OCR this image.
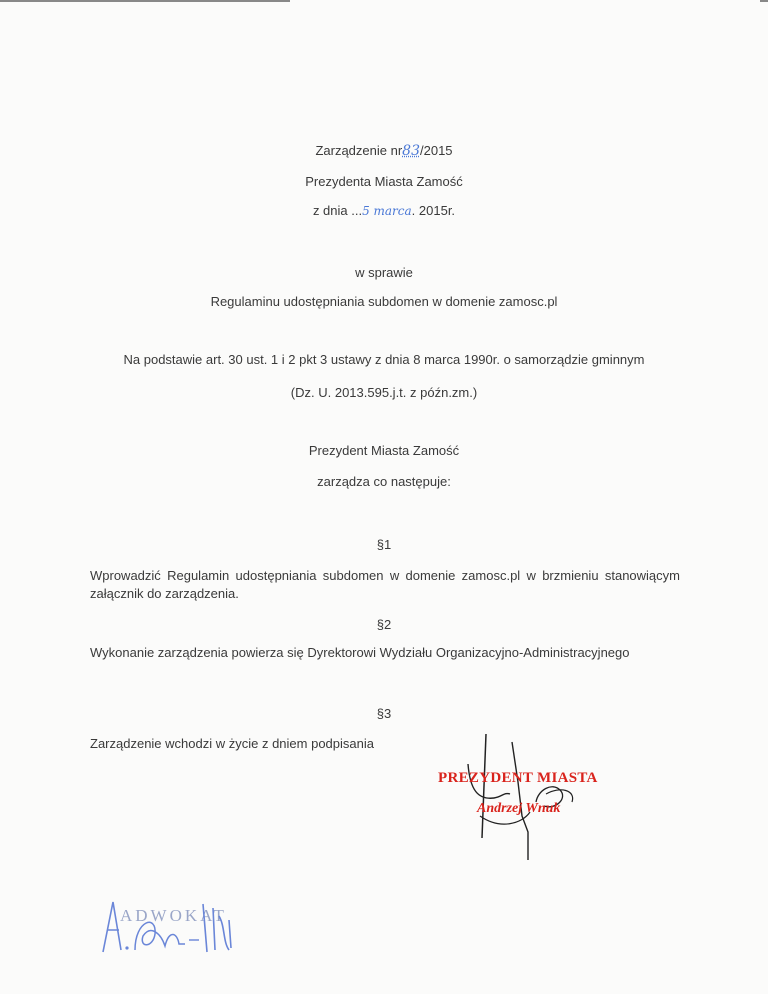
Zarządzenie nr83/2015
Prezydenta Miasta Zamość
z dnia ...5 marca. 2015r.
w sprawie
Regulaminu udostępniania subdomen w domenie zamosc.pl
Na podstawie art. 30 ust. 1 i 2 pkt 3 ustawy z dnia 8 marca 1990r. o samorządzie gminnym
(Dz. U. 2013.595.j.t. z późn.zm.)
Prezydent Miasta Zamość
zarządza co następuje:
§1
Wprowadzić Regulamin udostępniania subdomen w domenie zamosc.pl w brzmieniu stanowiącym załącznik do zarządzenia.
§2
Wykonanie zarządzenia powierza się Dyrektorowi Wydziału Organizacyjno-Administracyjnego
§3
Zarządzenie wchodzi w życie z dniem podpisania
PREZYDENT MIASTA
Andrzej Wnuk
ADWOKAT
